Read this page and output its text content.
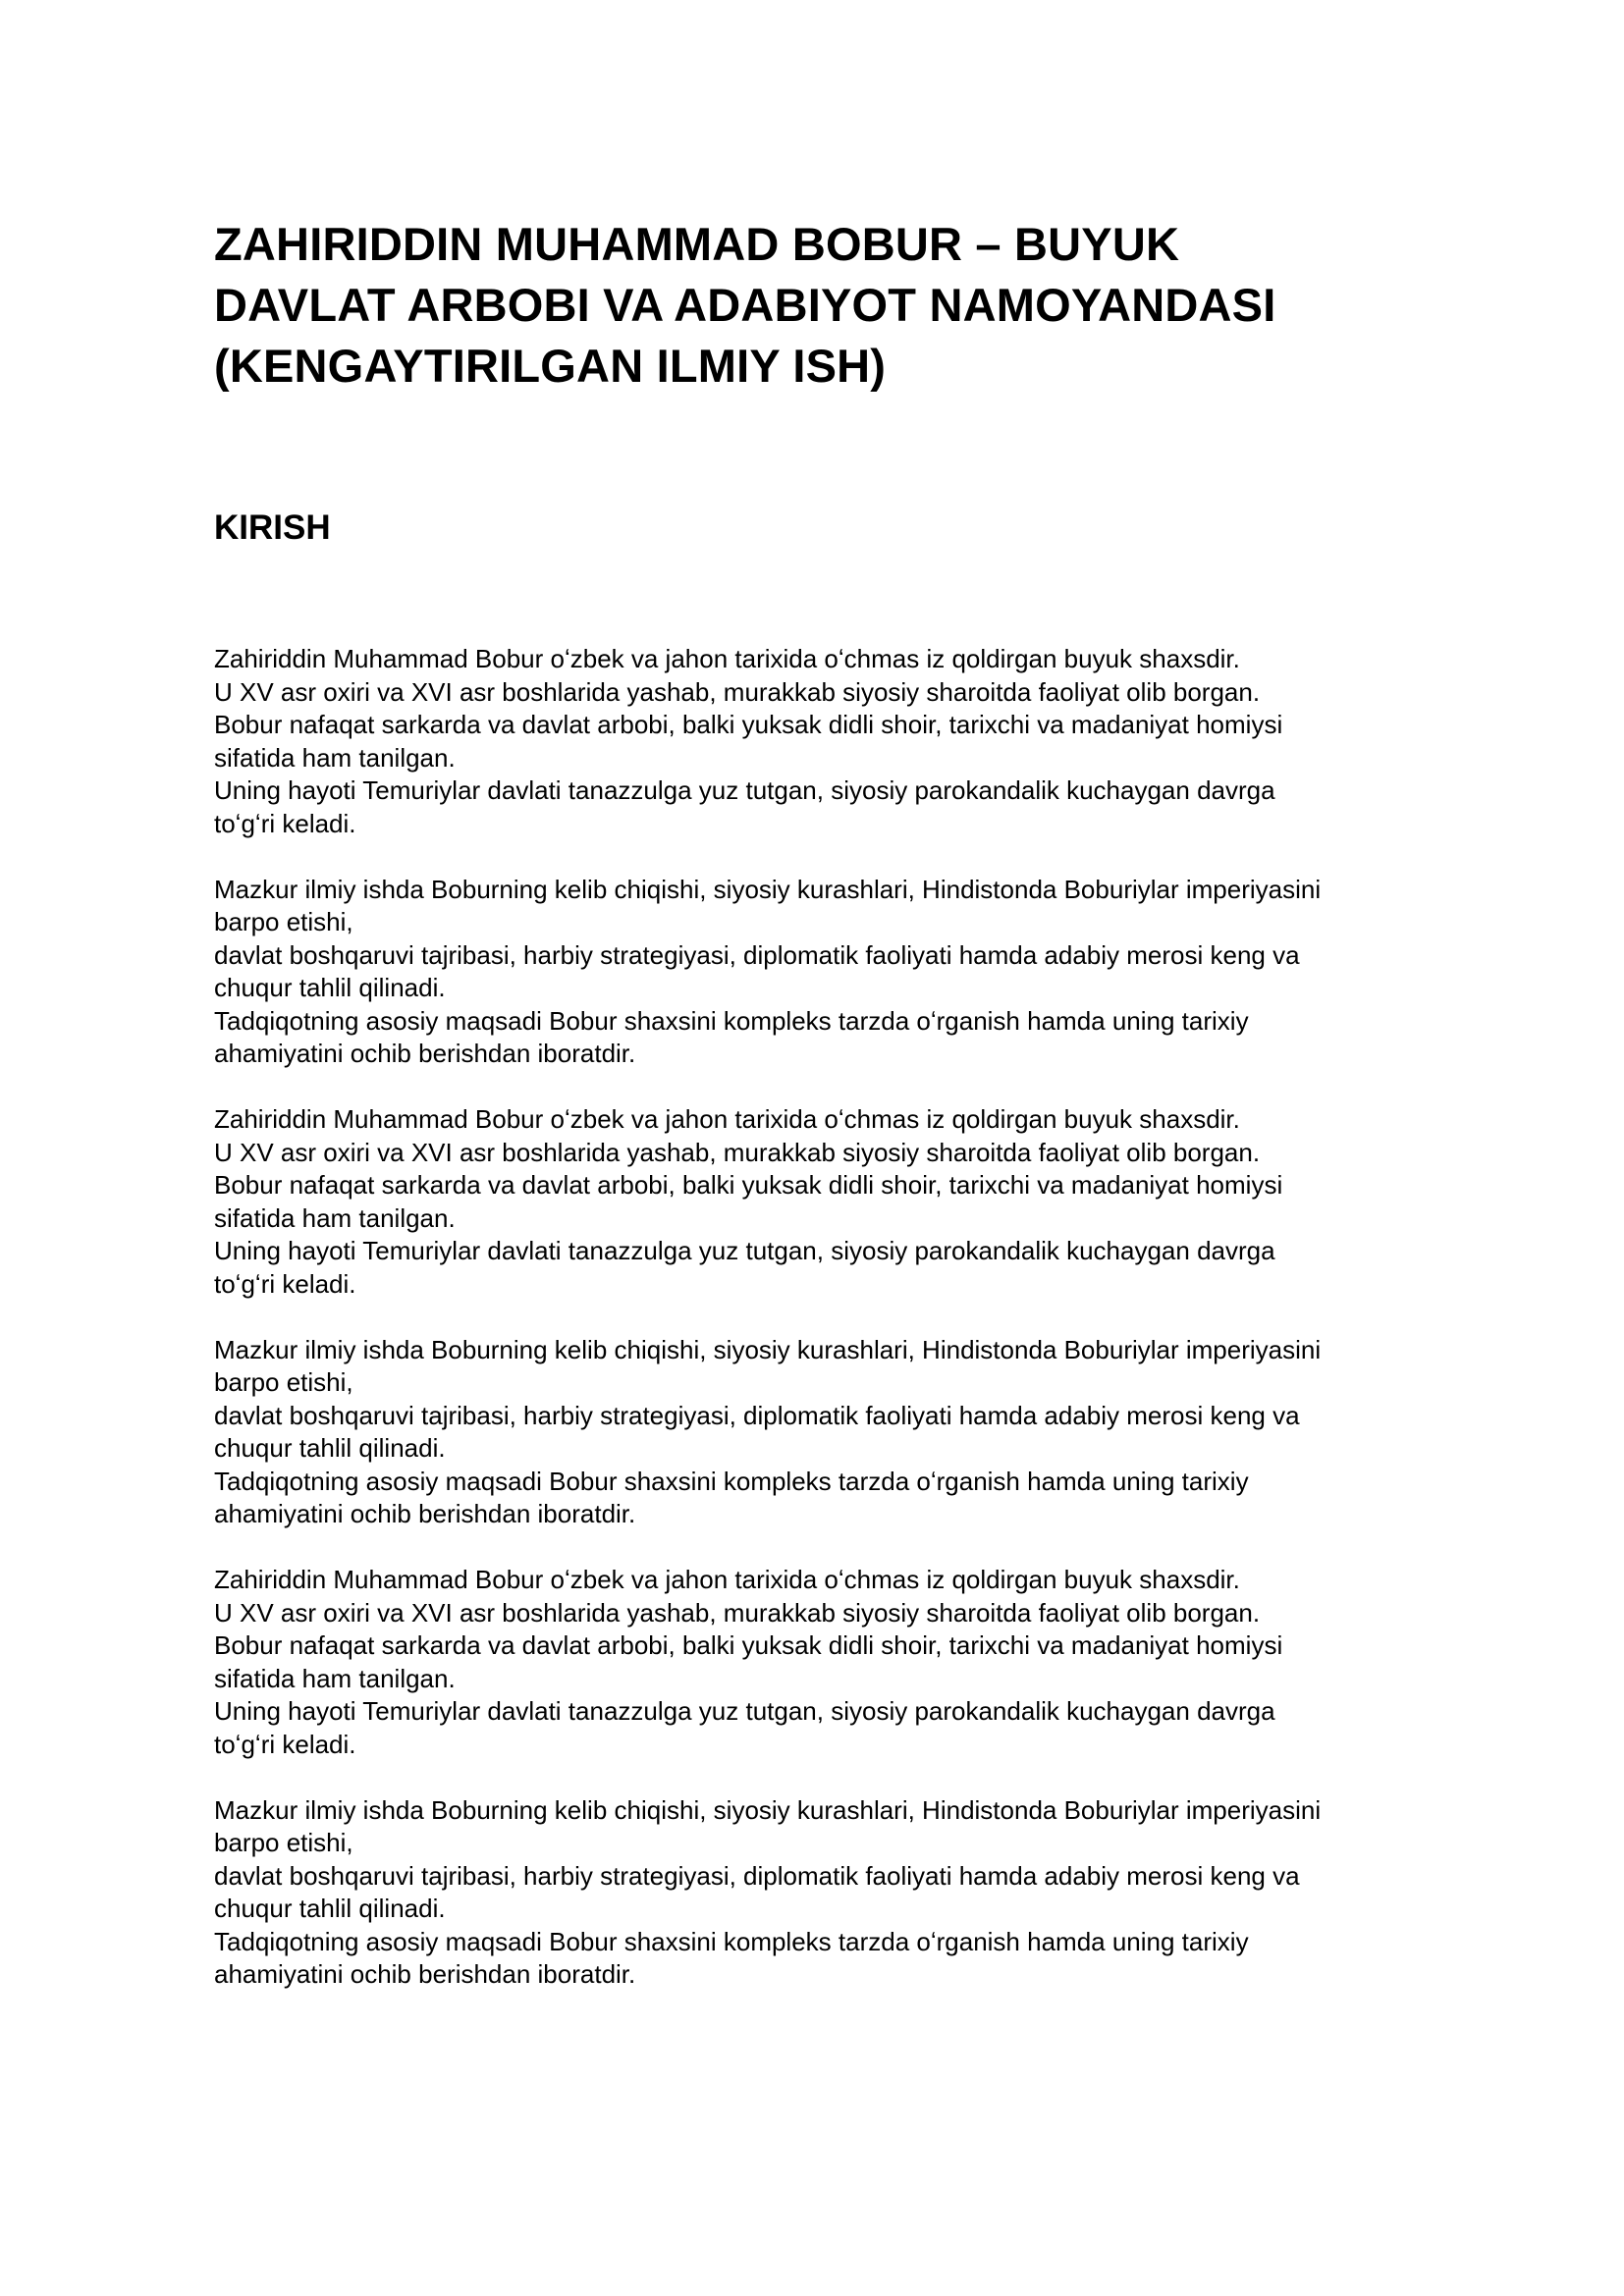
ZAHIRIDDIN MUHAMMAD BOBUR – BUYUK
DAVLAT ARBOBI VA ADABIYOT NAMOYANDASI
(KENGAYTIRILGAN ILMIY ISH)
KIRISH

Zahiriddin Muhammad Bobur oʻzbek va jahon tarixida oʻchmas iz qoldirgan buyuk shaxsdir.
U XV asr oxiri va XVI asr boshlarida yashab, murakkab siyosiy sharoitda faoliyat olib borgan.
Bobur nafaqat sarkarda va davlat arbobi, balki yuksak didli shoir, tarixchi va madaniyat homiysi
sifatida ham tanilgan.
Uning hayoti Temuriylar davlati tanazzulga yuz tutgan, siyosiy parokandalik kuchaygan davrga
toʻgʻri keladi.

Mazkur ilmiy ishda Boburning kelib chiqishi, siyosiy kurashlari, Hindistonda Boburiylar imperiyasini
barpo etishi,
davlat boshqaruvi tajribasi, harbiy strategiyasi, diplomatik faoliyati hamda adabiy merosi keng va
chuqur tahlil qilinadi.
Tadqiqotning asosiy maqsadi Bobur shaxsini kompleks tarzda oʻrganish hamda uning tarixiy
ahamiyatini ochib berishdan iboratdir.

Zahiriddin Muhammad Bobur oʻzbek va jahon tarixida oʻchmas iz qoldirgan buyuk shaxsdir.
U XV asr oxiri va XVI asr boshlarida yashab, murakkab siyosiy sharoitda faoliyat olib borgan.
Bobur nafaqat sarkarda va davlat arbobi, balki yuksak didli shoir, tarixchi va madaniyat homiysi
sifatida ham tanilgan.
Uning hayoti Temuriylar davlati tanazzulga yuz tutgan, siyosiy parokandalik kuchaygan davrga
toʻgʻri keladi.

Mazkur ilmiy ishda Boburning kelib chiqishi, siyosiy kurashlari, Hindistonda Boburiylar imperiyasini
barpo etishi,
davlat boshqaruvi tajribasi, harbiy strategiyasi, diplomatik faoliyati hamda adabiy merosi keng va
chuqur tahlil qilinadi.
Tadqiqotning asosiy maqsadi Bobur shaxsini kompleks tarzda oʻrganish hamda uning tarixiy
ahamiyatini ochib berishdan iboratdir.

Zahiriddin Muhammad Bobur oʻzbek va jahon tarixida oʻchmas iz qoldirgan buyuk shaxsdir.
U XV asr oxiri va XVI asr boshlarida yashab, murakkab siyosiy sharoitda faoliyat olib borgan.
Bobur nafaqat sarkarda va davlat arbobi, balki yuksak didli shoir, tarixchi va madaniyat homiysi
sifatida ham tanilgan.
Uning hayoti Temuriylar davlati tanazzulga yuz tutgan, siyosiy parokandalik kuchaygan davrga
toʻgʻri keladi.

Mazkur ilmiy ishda Boburning kelib chiqishi, siyosiy kurashlari, Hindistonda Boburiylar imperiyasini
barpo etishi,
davlat boshqaruvi tajribasi, harbiy strategiyasi, diplomatik faoliyati hamda adabiy merosi keng va
chuqur tahlil qilinadi.
Tadqiqotning asosiy maqsadi Bobur shaxsini kompleks tarzda oʻrganish hamda uning tarixiy
ahamiyatini ochib berishdan iboratdir.
